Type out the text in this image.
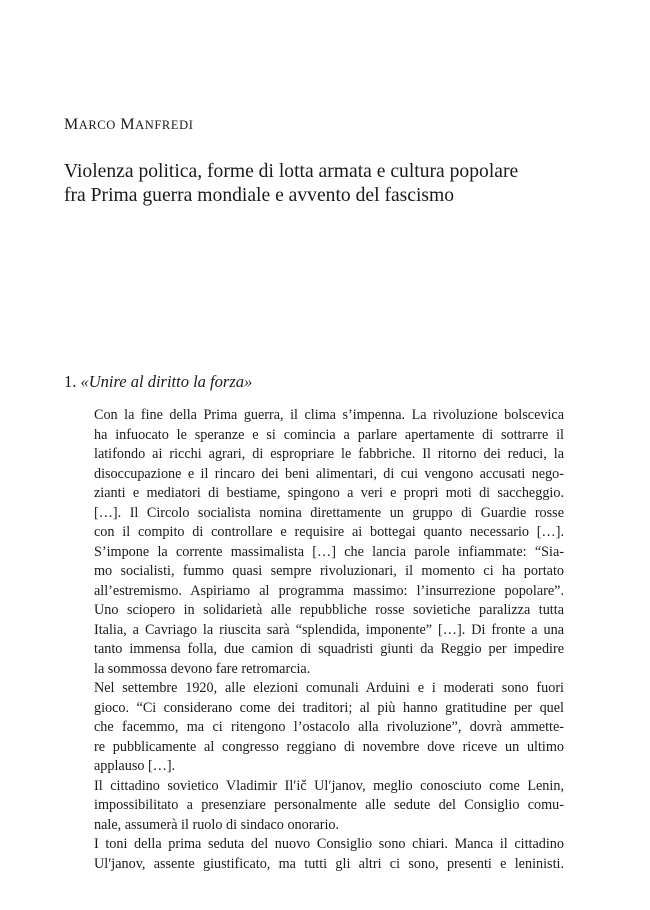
MARCO MANFREDI
Violenza politica, forme di lotta armata e cultura popolare
fra Prima guerra mondiale e avvento del fascismo
1. «Unire al diritto la forza»
Con la fine della Prima guerra, il clima s’impenna. La rivoluzione bolscevica
ha infuocato le speranze e si comincia a parlare apertamente di sottrarre il
latifondo ai ricchi agrari, di espropriare le fabbriche. Il ritorno dei reduci, la
disoccupazione e il rincaro dei beni alimentari, di cui vengono accusati nego-
zianti e mediatori di bestiame, spingono a veri e propri moti di saccheggio.
[…]. Il Circolo socialista nomina direttamente un gruppo di Guardie rosse
con il compito di controllare e requisire ai bottegai quanto necessario […].
S’impone la corrente massimalista […] che lancia parole infiammate: “Sia-
mo socialisti, fummo quasi sempre rivoluzionari, il momento ci ha portato
all’estremismo. Aspiriamo al programma massimo: l’insurrezione popolare”.
Uno sciopero in solidarietà alle repubbliche rosse sovietiche paralizza tutta
Italia, a Cavriago la riuscita sarà “splendida, imponente” […]. Di fronte a una
tanto immensa folla, due camion di squadristi giunti da Reggio per impedire
la sommossa devono fare retromarcia.
Nel settembre 1920, alle elezioni comunali Arduini e i moderati sono fuori
gioco. “Ci considerano come dei traditori; al più hanno gratitudine per quel
che facemmo, ma ci ritengono l’ostacolo alla rivoluzione”, dovrà ammette-
re pubblicamente al congresso reggiano di novembre dove riceve un ultimo
applauso […].
Il cittadino sovietico Vladimir Il′ič Ul′janov, meglio conosciuto come Lenin,
impossibilitato a presenziare personalmente alle sedute del Consiglio comu-
nale, assumerà il ruolo di sindaco onorario.
I toni della prima seduta del nuovo Consiglio sono chiari. Manca il cittadino
Ul′janov, assente giustificato, ma tutti gli altri ci sono, presenti e leninisti.
